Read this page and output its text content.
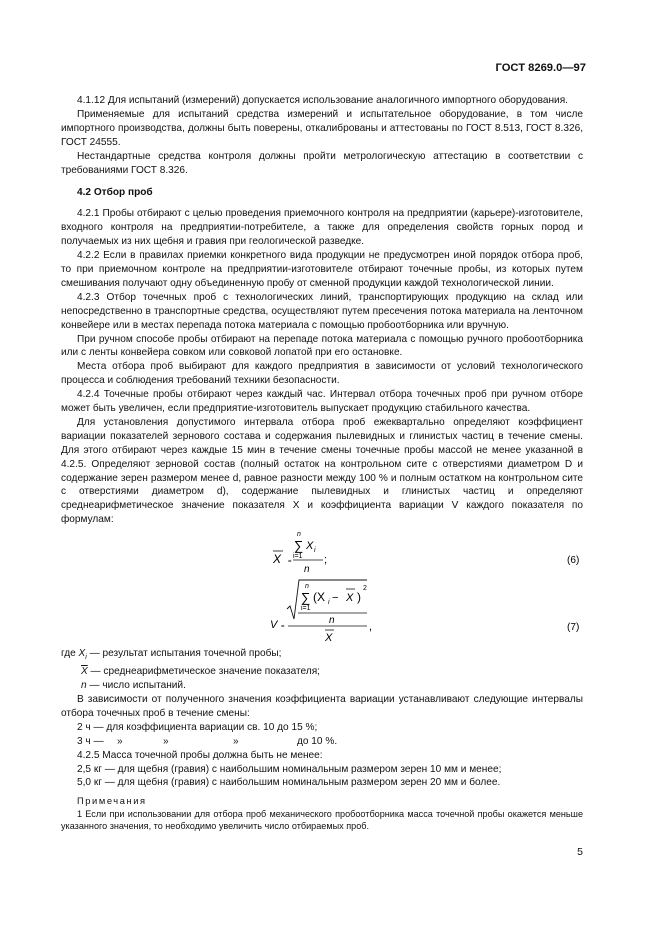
ГОСТ 8269.0—97

4.1.12 Для испытаний (измерений) допускается использование аналогичного импортного оборудования.

Применяемые для испытаний средства измерений и испытательное оборудование, в том числе импортного производства, должны быть поверены, откалиброваны и аттестованы по ГОСТ 8.513, ГОСТ 8.326, ГОСТ 24555.

Нестандартные средства контроля должны пройти метрологическую аттестацию в соответствии с требованиями ГОСТ 8.326.

4.2 Отбор проб

4.2.1 Пробы отбирают с целью проведения приемочного контроля на предприятии (карьере)-изготовителе, входного контроля на предприятии-потребителе, а также для определения свойств горных пород и получаемых из них щебня и гравия при геологической разведке.

4.2.2 Если в правилах приемки конкретного вида продукции не предусмотрен иной порядок отбора проб, то при приемочном контроле на предприятии-изготовителе отбирают точечные пробы, из которых путем смешивания получают одну объединенную пробу от сменной продукции каждой технологической линии.

4.2.3 Отбор точечных проб с технологических линий, транспортирующих продукцию на склад или непосредственно в транспортные средства, осуществляют путем пресечения потока материала на ленточном конвейере или в местах перепада потока материала с помощью пробоотборника или вручную.

При ручном способе пробы отбирают на перепаде потока материала с помощью ручного пробоотборника или с ленты конвейера совком или совковой лопатой при его остановке.

Места отбора проб выбирают для каждого предприятия в зависимости от условий технологического процесса и соблюдения требований техники безопасности.

4.2.4 Точечные пробы отбирают через каждый час. Интервал отбора точечных проб при ручном отборе может быть увеличен, если предприятие-изготовитель выпускает продукцию стабильного качества.

Для установления допустимого интервала отбора проб ежеквартально определяют коэффициент вариации показателей зернового состава и содержания пылевидных и глинистых частиц в течение смены. Для этого отбирают через каждые 15 мин в течение смены точечные пробы массой не менее указанной в 4.2.5. Определяют зерновой состав (полный остаток на контрольном сите с отверстиями диаметром D и содержание зерен размером менее d, равное разности между 100 % и полным остатком на контрольном сите с отверстиями диаметром d), содержание пылевидных и глинистых частиц и определяют среднеарифметическое значение показателя X и коэффициента вариации V каждого показателя по формулам:

X =
n
∑
i=1
X i
n
;	(6)
V =
n
∑
i=1
(X i − X )
2
n
X
,	(7)

где $X_i$ — результат испытания точечной пробы;

$\overline{X}$ — среднеарифметическое значение показателя;

n — число испытаний.

В зависимости от полученного значения коэффициента вариации устанавливают следующие интервалы отбора точечных проб в течение смены:

2 ч — для коэффициента вариации св. 10 до 15 %;

3 ч — »	»	»	до 10 %.

4.2.5 Масса точечной пробы должна быть не менее:

2,5 кг — для щебня (гравия) с наибольшим номинальным размером зерен 10 мм и менее;

5,0 кг — для щебня (гравия) с наибольшим номинальным размером зерен 20 мм и более.

Примечания

1 Если при использовании для отбора проб механического пробоотборника масса точечной пробы окажется меньше указанного значения, то необходимо увеличить число отбираемых проб.

5
